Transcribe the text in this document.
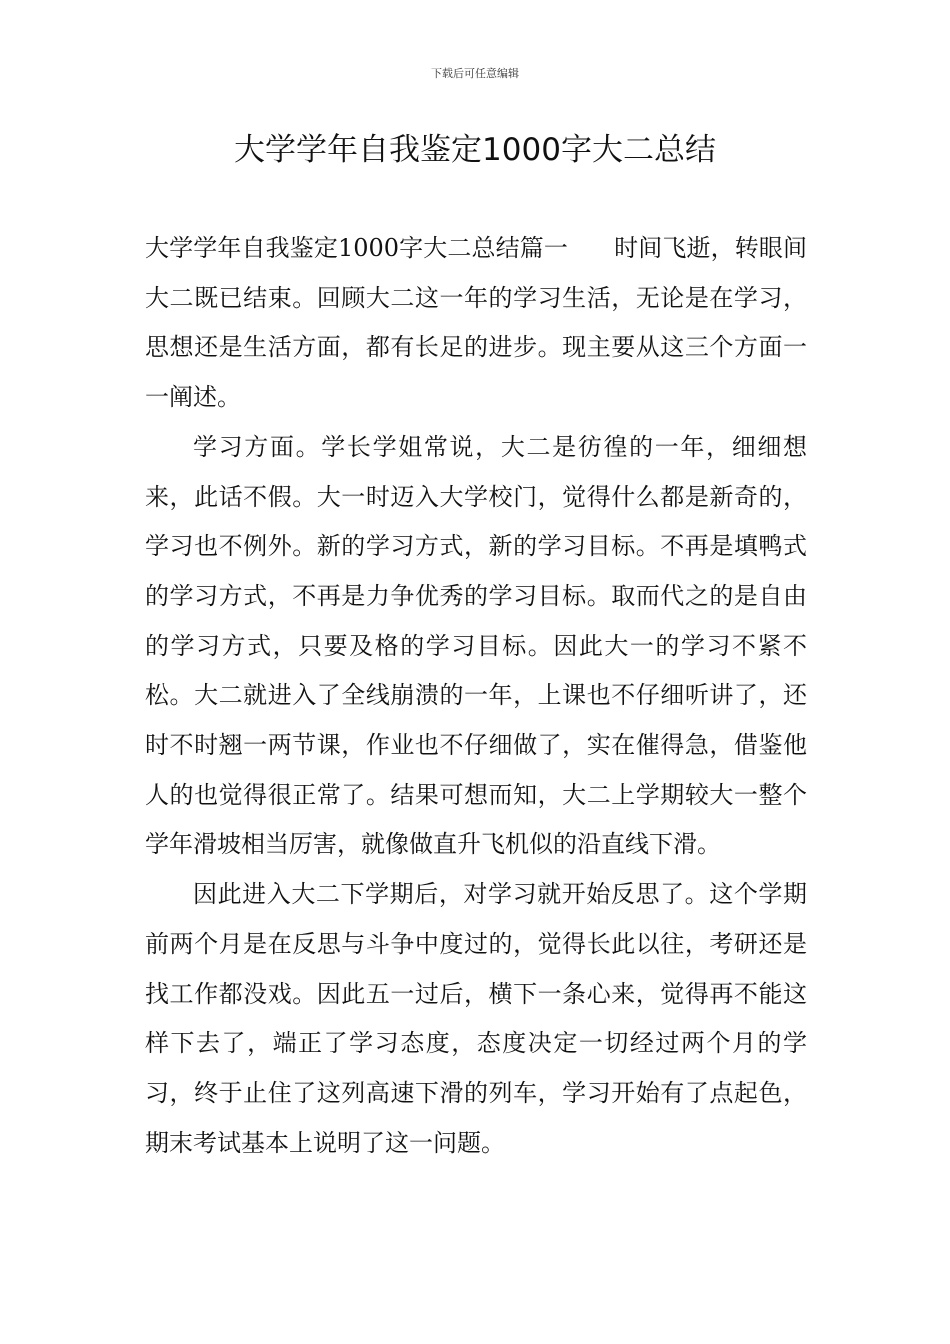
下载后可任意编辑
大学学年自我鉴定1000字大二总结

大学学年自我鉴定1000字大二总结篇一 时间飞逝，转眼间大二既已结束。回顾大二这一年的学习生活，无论是在学习，思想还是生活方面，都有长足的进步。现主要从这三个方面一一阐述。

学习方面。学长学姐常说，大二是彷徨的一年，细细想来，此话不假。大一时迈入大学校门，觉得什么都是新奇的，学习也不例外。新的学习方式，新的学习目标。不再是填鸭式的学习方式，不再是力争优秀的学习目标。取而代之的是自由的学习方式，只要及格的学习目标。因此大一的学习不紧不松。大二就进入了全线崩溃的一年，上课也不仔细听讲了，还时不时翘一两节课，作业也不仔细做了，实在催得急，借鉴他人的也觉得很正常了。结果可想而知，大二上学期较大一整个学年滑坡相当厉害，就像做直升飞机似的沿直线下滑。

因此进入大二下学期后，对学习就开始反思了。这个学期前两个月是在反思与斗争中度过的，觉得长此以往，考研还是找工作都没戏。因此五一过后，横下一条心来，觉得再不能这样下去了，端正了学习态度，态度决定一切经过两个月的学习，终于止住了这列高速下滑的列车，学习开始有了点起色，期末考试基本上说明了这一问题。
